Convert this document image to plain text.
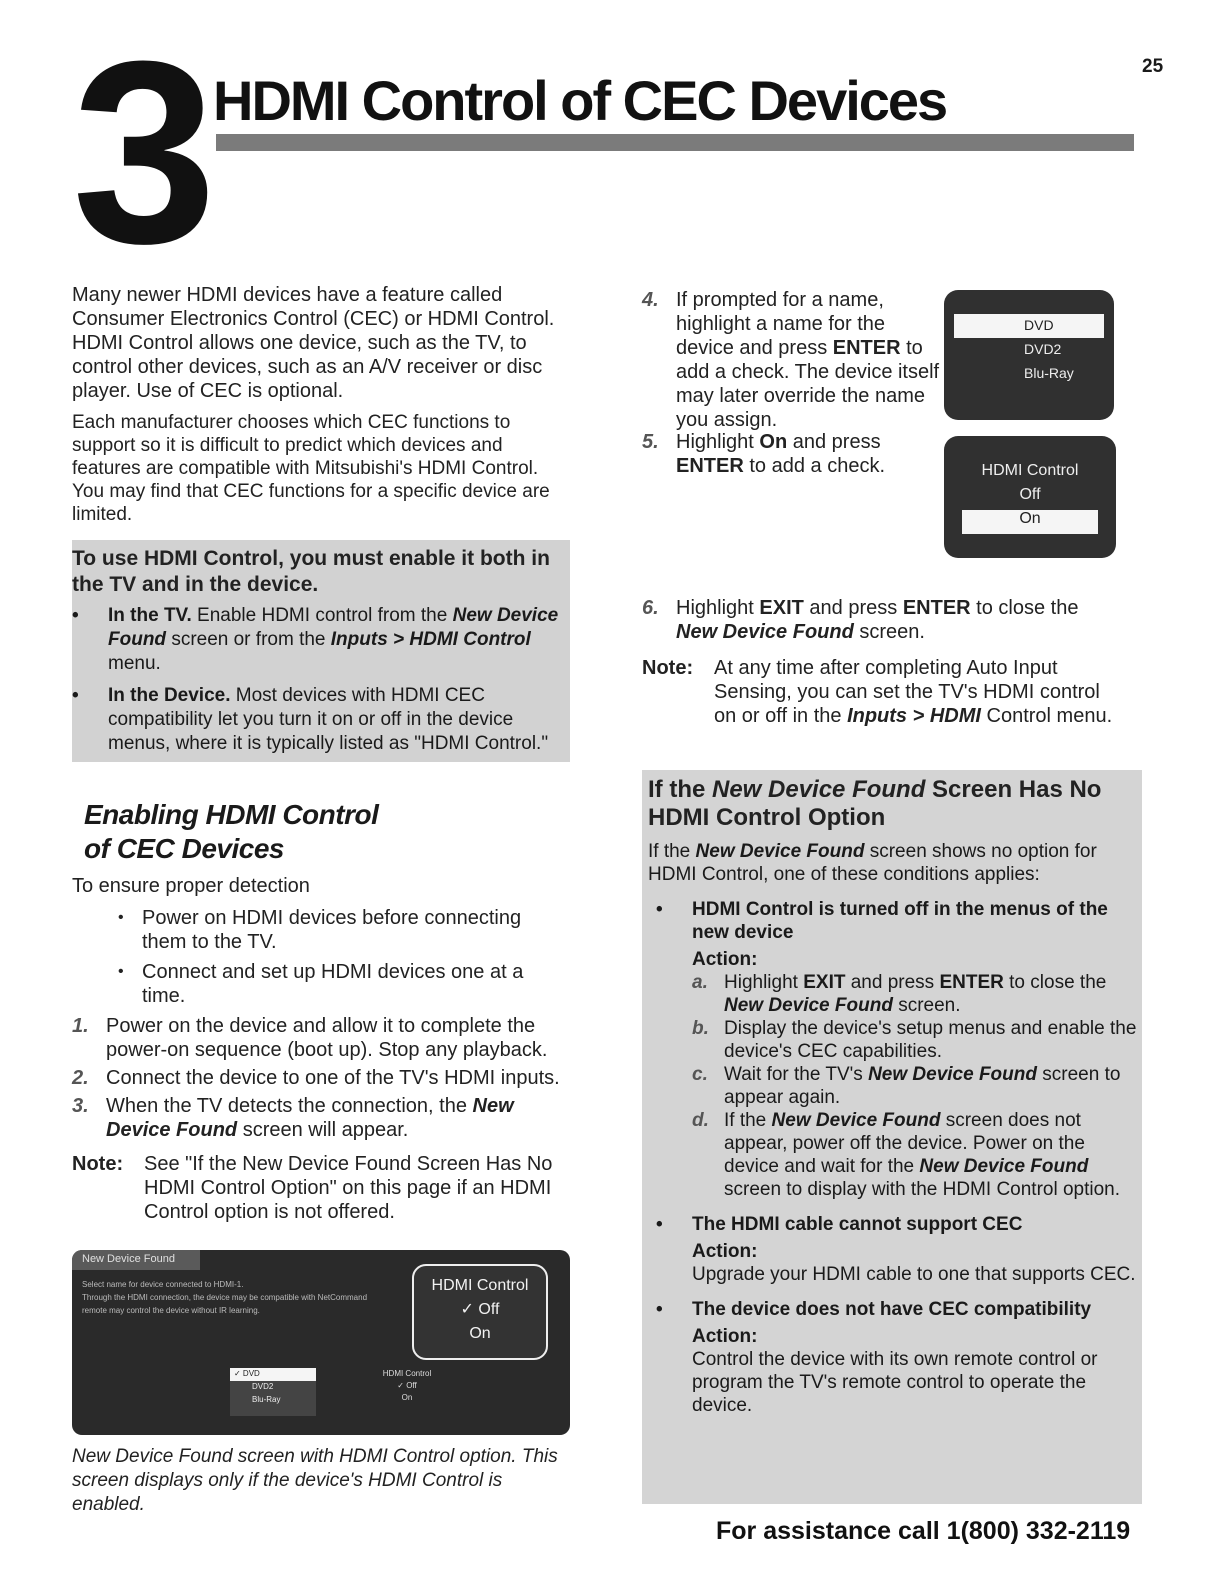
25
3 HDMI Control of CEC Devices

Many newer HDMI devices have a feature called Consumer Electronics Control (CEC) or HDMI Control. HDMI Control allows one device, such as the TV, to control other devices, such as an A/V receiver or disc player. Use of CEC is optional.

Each manufacturer chooses which CEC functions to support so it is difficult to predict which devices and features are compatible with Mitsubishi's HDMI Control. You may find that CEC functions for a specific device are limited.

To use HDMI Control, you must enable it both in the TV and in the device.
• In the TV. Enable HDMI control from the New Device Found screen or from the Inputs > HDMI Control menu.
• In the Device. Most devices with HDMI CEC compatibility let you turn it on or off in the device menus, where it is typically listed as "HDMI Control."
Enabling HDMI Control
of CEC Devices

To ensure proper detection

• Power on HDMI devices before connecting them to the TV.
• Connect and set up HDMI devices one at a time.
1. Power on the device and allow it to complete the power-on sequence (boot up). Stop any playback.
2. Connect the device to one of the TV's HDMI inputs.
3. When the TV detects the connection, the New Device Found screen will appear.
Note: See "If the New Device Found Screen Has No HDMI Control Option" on this page if an HDMI Control option is not offered.
New Device Found
Select name for device connected to HDMI-1.
Through the HDMI connection, the device may be compatible with NetCommand
remote may control the device without IR learning.
HDMI Control
✓ Off
On
✓ DVD
DVD2
Blu-Ray
HDMI Control
✓ Off
On
New Device Found screen with HDMI Control option. This screen displays only if the device's HDMI Control is enabled.
4. If prompted for a name, highlight a name for the device and press ENTER to add a check. The device itself may later override the name you assign.
5. Highlight On and press ENTER to add a check.
DVD
DVD2
Blu-Ray
HDMI Control
Off
On
6. Highlight EXIT and press ENTER to close the New Device Found screen.
Note: At any time after completing Auto Input Sensing, you can set the TV's HDMI control on or off in the Inputs > HDMI Control menu.
If the New Device Found Screen Has No HDMI Control Option
If the New Device Found screen shows no option for HDMI Control, one of these conditions applies:
• HDMI Control is turned off in the menus of the new device
Action:
a. Highlight EXIT and press ENTER to close the New Device Found screen.
b. Display the device's setup menus and enable the device's CEC capabilities.
c. Wait for the TV's New Device Found screen to appear again.
d. If the New Device Found screen does not appear, power off the device. Power on the device and wait for the New Device Found screen to display with the HDMI Control option.
• The HDMI cable cannot support CEC
Action:
Upgrade your HDMI cable to one that supports CEC.
• The device does not have CEC compatibility
Action:
Control the device with its own remote control or program the TV's remote control to operate the device.
For assistance call 1(800) 332-2119
